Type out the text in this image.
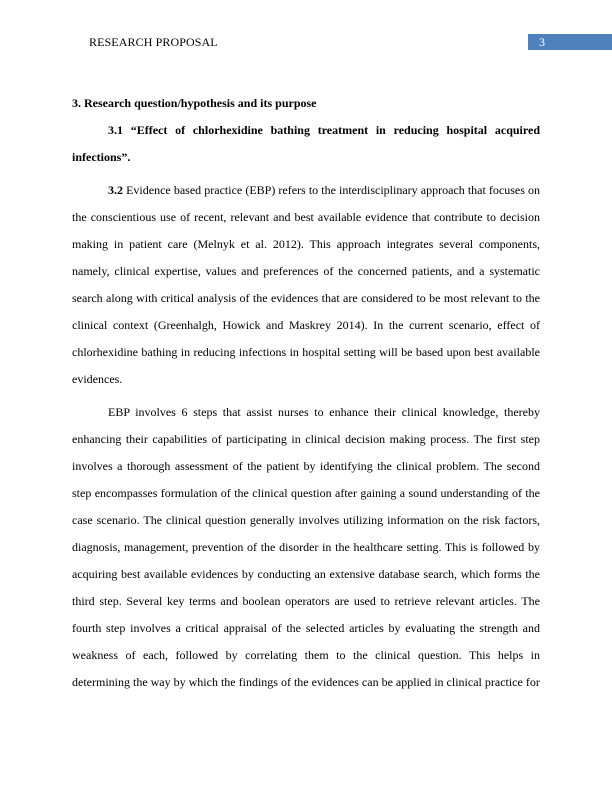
RESEARCH PROPOSAL	3

3. Research question/hypothesis and its purpose

3.1 “Effect of chlorhexidine bathing treatment in reducing hospital acquired infections”.

3.2 Evidence based practice (EBP) refers to the interdisciplinary approach that focuses on the conscientious use of recent, relevant and best available evidence that contribute to decision making in patient care (Melnyk et al. 2012). This approach integrates several components, namely, clinical expertise, values and preferences of the concerned patients, and a systematic search along with critical analysis of the evidences that are considered to be most relevant to the clinical context (Greenhalgh, Howick and Maskrey 2014). In the current scenario, effect of chlorhexidine bathing in reducing infections in hospital setting will be based upon best available evidences.

EBP involves 6 steps that assist nurses to enhance their clinical knowledge, thereby enhancing their capabilities of participating in clinical decision making process. The first step involves a thorough assessment of the patient by identifying the clinical problem. The second step encompasses formulation of the clinical question after gaining a sound understanding of the case scenario. The clinical question generally involves utilizing information on the risk factors, diagnosis, management, prevention of the disorder in the healthcare setting. This is followed by acquiring best available evidences by conducting an extensive database search, which forms the third step. Several key terms and boolean operators are used to retrieve relevant articles. The fourth step involves a critical appraisal of the selected articles by evaluating the strength and weakness of each, followed by correlating them to the clinical question. This helps in determining the way by which the findings of the evidences can be applied in clinical practice for
